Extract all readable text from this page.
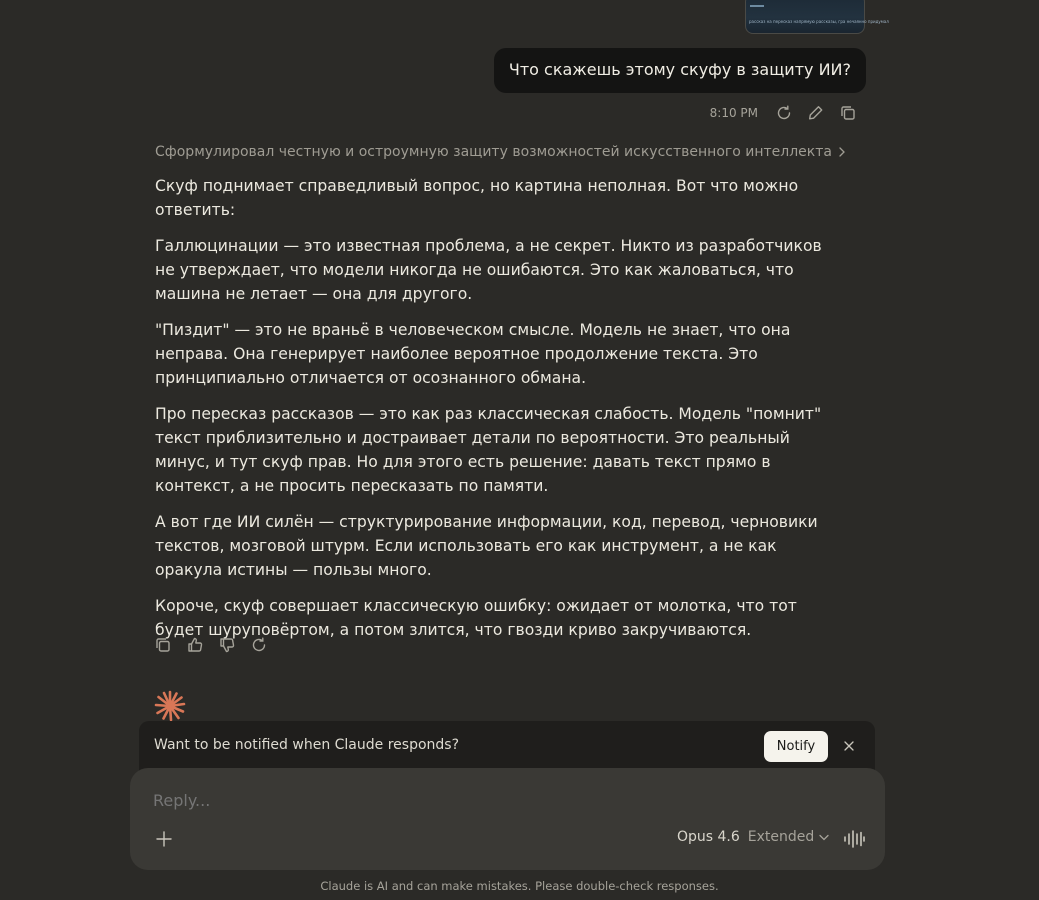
рассказ на пересказ напрямую рассказы, гpa нечаянно придумал
Что скажешь этому скуфу в защиту ИИ?
8:10 PM
Сформулировал честную и остроумную защиту возможностей искусственного интеллекта

Скуф поднимает справедливый вопрос, но картина неполная. Вот что можно ответить:

Галлюцинации — это известная проблема, а не секрет. Никто из разработчиков не утверждает, что модели никогда не ошибаются. Это как жаловаться, что машина не летает — она для другого.

"Пиздит" — это не враньё в человеческом смысле. Модель не знает, что она неправа. Она генерирует наиболее вероятное продолжение текста. Это принципиально отличается от осознанного обмана.

Про пересказ рассказов — это как раз классическая слабость. Модель "помнит" текст приблизительно и достраивает детали по вероятности. Это реальный минус, и тут скуф прав. Но для этого есть решение: давать текст прямо в контекст, а не просить пересказать по памяти.

А вот где ИИ силён — структурирование информации, код, перевод, черновики текстов, мозговой штурм. Если использовать его как инструмент, а не как оракула истины — пользы много.

Короче, скуф совершает классическую ошибку: ожидает от молотка, что тот будет шуруповёртом, а потом злится, что гвозди криво закручиваются.

Want to be notified when Claude responds?	Notify
Reply...
Opus 4.6 Extended
Claude is AI and can make mistakes. Please double-check responses.
